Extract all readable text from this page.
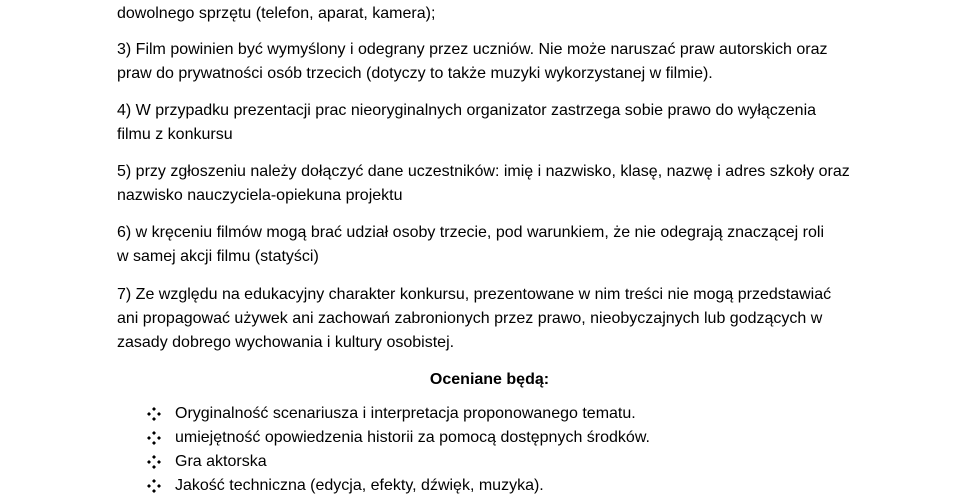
dowolnego sprzętu (telefon, aparat, kamera);

3) Film powinien być wymyślony i odegrany przez uczniów. Nie może naruszać praw autorskich oraz
praw do prywatności osób trzecich (dotyczy to także muzyki wykorzystanej w filmie).

4) W przypadku prezentacji prac nieoryginalnych organizator zastrzega sobie prawo do wyłączenia
filmu z konkursu

5) przy zgłoszeniu należy dołączyć dane uczestników: imię i nazwisko, klasę, nazwę i adres szkoły oraz
nazwisko nauczyciela-opiekuna projektu

6) w kręceniu filmów mogą brać udział osoby trzecie, pod warunkiem, że nie odegrają znaczącej roli
w samej akcji filmu (statyści)

7) Ze względu na edukacyjny charakter konkursu, prezentowane w nim treści nie mogą przedstawiać
ani propagować używek ani zachowań zabronionych przez prawo, nieobyczajnych lub godzących w
zasady dobrego wychowania i kultury osobistej.

Oceniane będą:

Oryginalność scenariusza i interpretacja proponowanego tematu.
umiejętność opowiedzenia historii za pomocą dostępnych środków.
Gra aktorska
Jakość techniczna (edycja, efekty, dźwięk, muzyka).
